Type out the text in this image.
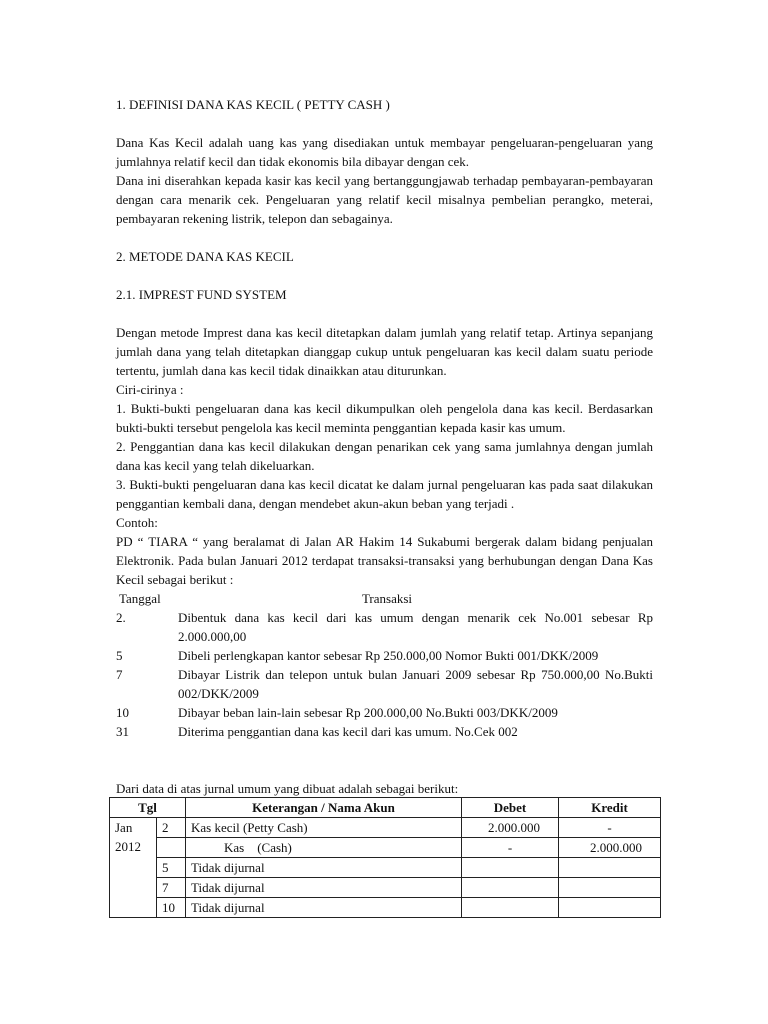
1. DEFINISI DANA KAS KECIL ( PETTY CASH )

Dana Kas Kecil adalah uang kas yang disediakan untuk membayar pengeluaran-pengeluaran yang jumlahnya relatif kecil dan tidak ekonomis bila dibayar dengan cek.

Dana ini diserahkan kepada kasir kas kecil yang bertanggungjawab terhadap pembayaran-pembayaran dengan cara menarik cek. Pengeluaran yang relatif kecil misalnya pembelian perangko, meterai, pembayaran rekening listrik, telepon dan sebagainya.

2. METODE DANA KAS KECIL

2.1. IMPREST FUND SYSTEM

Dengan metode Imprest dana kas kecil ditetapkan dalam jumlah yang relatif tetap. Artinya sepanjang jumlah dana yang telah ditetapkan dianggap cukup untuk pengeluaran kas kecil dalam suatu periode tertentu, jumlah dana kas kecil tidak dinaikkan atau diturunkan.

Ciri-cirinya :

1. Bukti-bukti pengeluaran dana kas kecil dikumpulkan oleh pengelola dana kas kecil. Berdasarkan bukti-bukti tersebut pengelola kas kecil meminta penggantian kepada kasir kas umum.

2. Penggantian dana kas kecil dilakukan dengan penarikan cek yang sama jumlahnya dengan jumlah dana kas kecil yang telah dikeluarkan.

3. Bukti-bukti pengeluaran dana kas kecil dicatat ke dalam jurnal pengeluaran kas pada saat dilakukan penggantian kembali dana, dengan mendebet akun-akun beban yang terjadi .

Contoh:

PD “ TIARA “ yang beralamat di Jalan AR Hakim 14 Sukabumi bergerak dalam bidang penjualan Elektronik. Pada bulan Januari 2012 terdapat transaksi-transaksi yang berhubungan dengan Dana Kas Kecil sebagai berikut :

Tanggal	Transaksi
2.	Dibentuk dana kas kecil dari kas umum dengan menarik cek No.001 sebesar Rp 2.000.000,00
5	Dibeli perlengkapan kantor sebesar Rp 250.000,00 Nomor Bukti 001/DKK/2009
7	Dibayar Listrik dan telepon untuk bulan Januari 2009 sebesar Rp 750.000,00 No.Bukti 002/DKK/2009
10	Dibayar beban lain-lain sebesar Rp 200.000,00 No.Bukti 003/DKK/2009
31	Diterima penggantian dana kas kecil dari kas umum. No.Cek 002

Dari data di atas jurnal umum yang dibuat adalah sebagai berikut:

Tgl		Keterangan / Nama Akun	Debet	Kredit

Jan
2012	2	Kas kecil (Petty Cash)	2.000.000	-
		Kas    (Cash)	-	2.000.000
	5	Tidak dijurnal		
	7	Tidak dijurnal		
	10	Tidak dijurnal		
